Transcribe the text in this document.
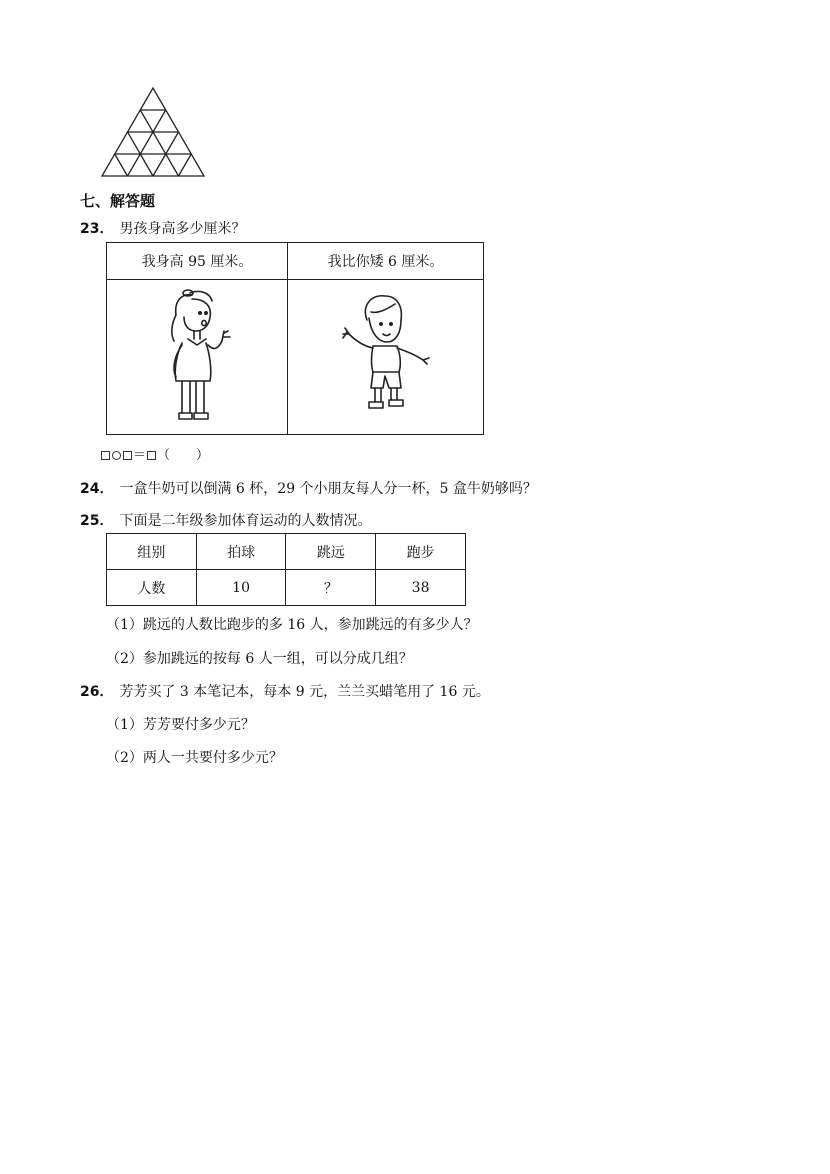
七、解答题
23． 男孩身高多少厘米？
我身高 95 厘米。	我比你矮 6 厘米。

＝ （　　）
24． 一盒牛奶可以倒满 6 杯，29 个小朋友每人分一杯，5 盒牛奶够吗？
25． 下面是二年级参加体育运动的人数情况。
组别	拍球	跳远	跑步
人数	10	？	38
（1）跳远的人数比跑步的多 16 人，参加跳远的有多少人？
（2）参加跳远的按每 6 人一组，可以分成几组？
26． 芳芳买了 3 本笔记本，每本 9 元，兰兰买蜡笔用了 16 元。
（1）芳芳要付多少元？
（2）两人一共要付多少元？
